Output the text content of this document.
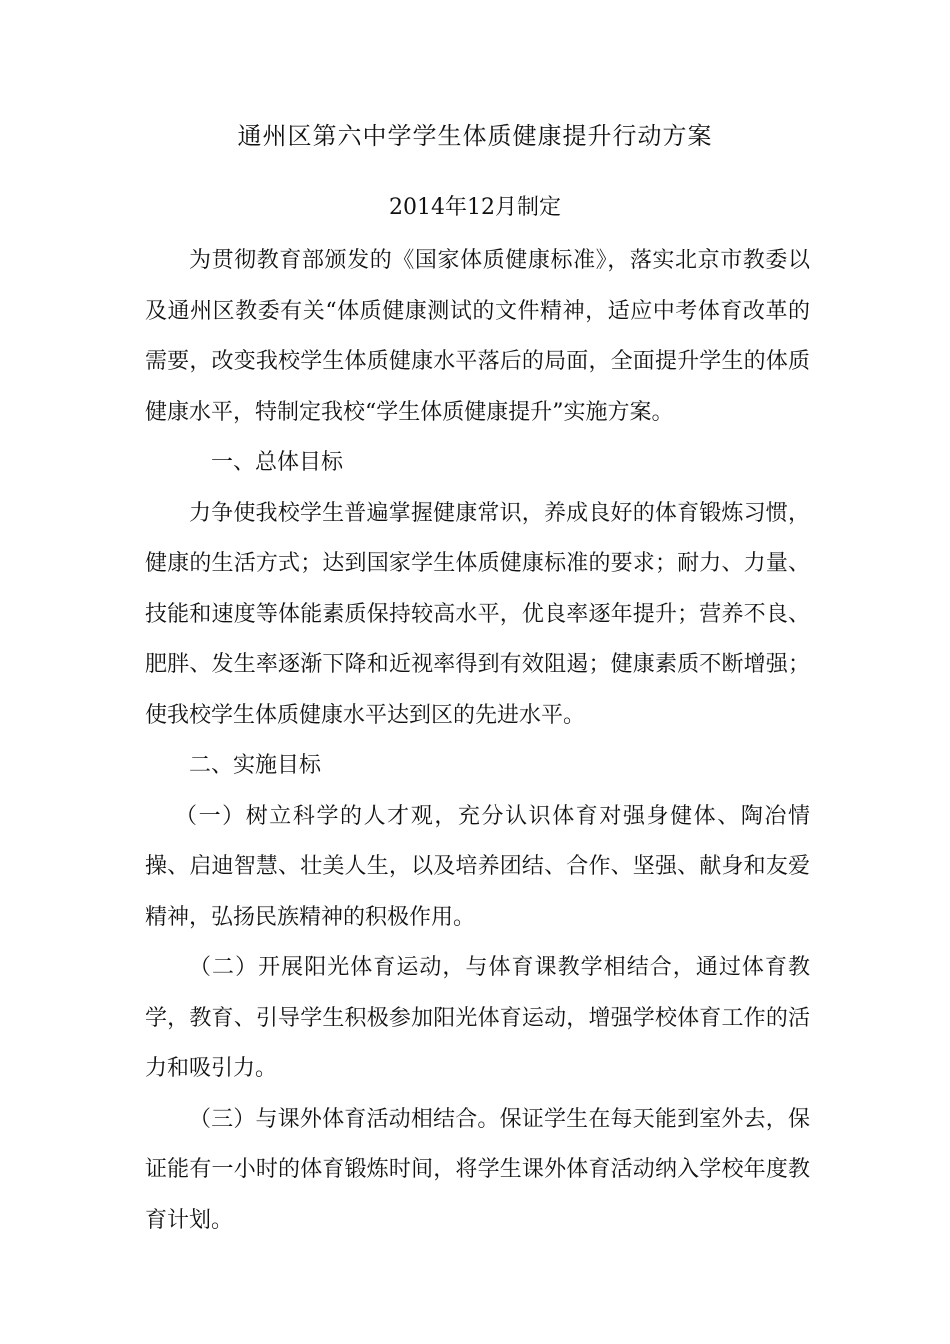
通州区第六中学学生体质健康提升行动方案
2014年12月制定

为贯彻教育部颁发的《国家体质健康标准》，落实北京市教委以及通州区教委有关“体质健康测试的文件精神，适应中考体育改革的需要，改变我校学生体质健康水平落后的局面，全面提升学生的体质健康水平，特制定我校“学生体质健康提升”实施方案。

一、总体目标

力争使我校学生普遍掌握健康常识，养成良好的体育锻炼习惯，健康的生活方式；达到国家学生体质健康标准的要求；耐力、力量、技能和速度等体能素质保持较高水平，优良率逐年提升；营养不良、肥胖、发生率逐渐下降和近视率得到有效阻遏；健康素质不断增强；使我校学生体质健康水平达到区的先进水平。

二、实施目标

（一）树立科学的人才观，充分认识体育对强身健体、陶冶情操、启迪智慧、壮美人生，以及培养团结、合作、坚强、献身和友爱精神，弘扬民族精神的积极作用。

（二）开展阳光体育运动，与体育课教学相结合，通过体育教学，教育、引导学生积极参加阳光体育运动，增强学校体育工作的活力和吸引力。

（三）与课外体育活动相结合。保证学生在每天能到室外去，保证能有一小时的体育锻炼时间，将学生课外体育活动纳入学校年度教育计划。
